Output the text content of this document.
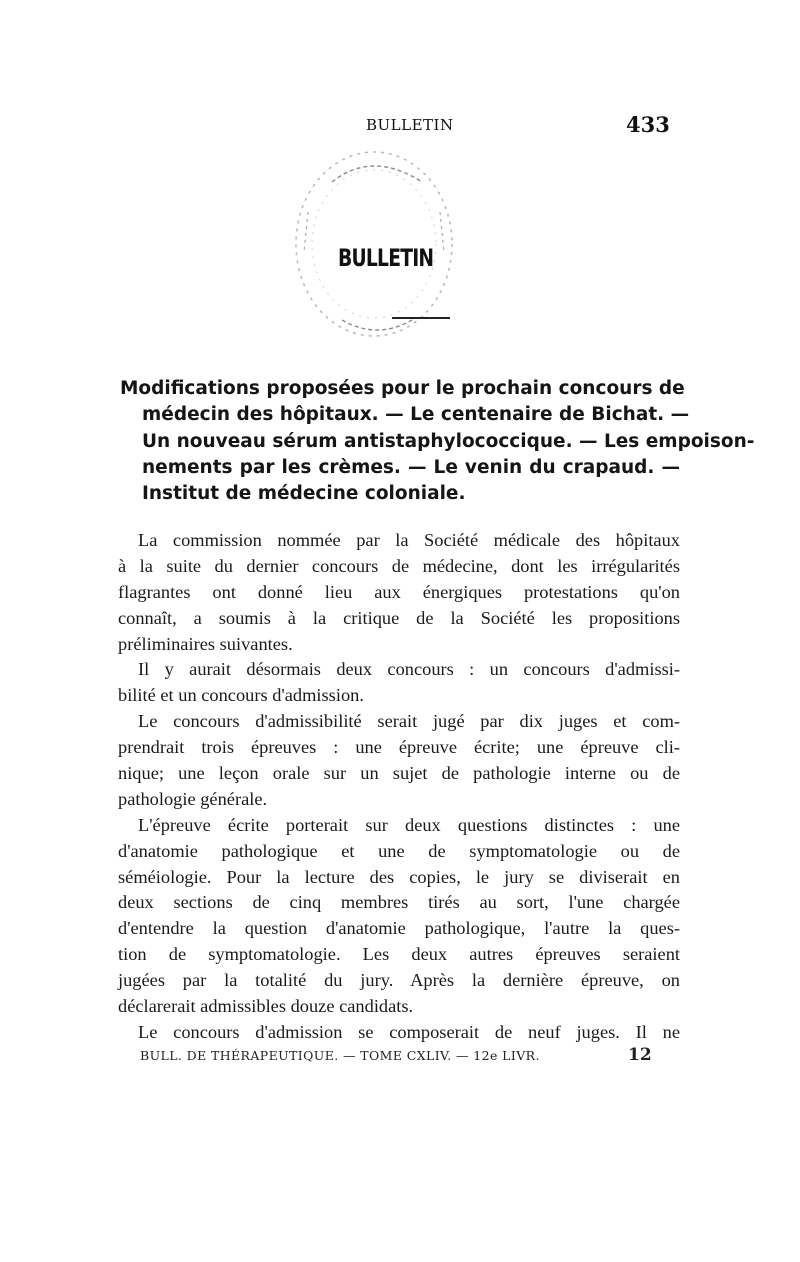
BULLETIN	433
BULLETIN
Modifications proposées pour le prochain concours de
médecin des hôpitaux. — Le centenaire de Bichat. —
Un nouveau sérum antistaphylococcique. — Les empoison-
nements par les crèmes. — Le venin du crapaud. —
Institut de médecine coloniale.
La commission nommée par la Société médicale des hôpitaux
à la suite du dernier concours de médecine, dont les irrégularités
flagrantes ont donné lieu aux énergiques protestations qu'on
connaît, a soumis à la critique de la Société les propositions
préliminaires suivantes.
Il y aurait désormais deux concours : un concours d'admissi-
bilité et un concours d'admission.
Le concours d'admissibilité serait jugé par dix juges et com-
prendrait trois épreuves : une épreuve écrite; une épreuve cli-
nique; une leçon orale sur un sujet de pathologie interne ou de
pathologie générale.
L'épreuve écrite porterait sur deux questions distinctes : une
d'anatomie pathologique et une de symptomatologie ou de
séméiologie. Pour la lecture des copies, le jury se diviserait en
deux sections de cinq membres tirés au sort, l'une chargée
d'entendre la question d'anatomie pathologique, l'autre la ques-
tion de symptomatologie. Les deux autres épreuves seraient
jugées par la totalité du jury. Après la dernière épreuve, on
déclarerait admissibles douze candidats.
Le concours d'admission se composerait de neuf juges. Il ne
BULL. DE THÉRAPEUTIQUE. — TOME CXLIV. — 12e LIVR.	12
